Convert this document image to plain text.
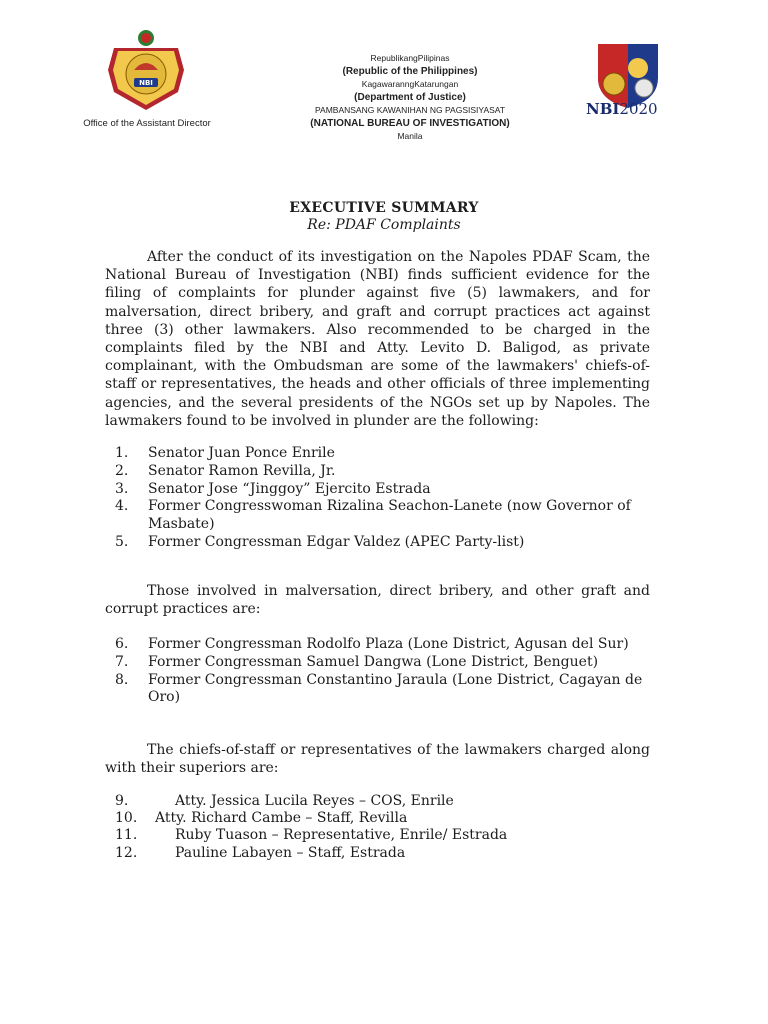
NBI
Office of the Assistant Director
RepublikangPilipinas
(Republic of the Philippines)
KagawaranngKatarungan
(Department of Justice)
PAMBANSANG KAWANIHAN NG PAGSISIYASAT
(NATIONAL BUREAU OF INVESTIGATION)
Manila
NBI2020
EXECUTIVE SUMMARY
Re: PDAF Complaints

After the conduct of its investigation on the Napoles PDAF Scam, the National Bureau of Investigation (NBI) finds sufficient evidence for the filing of complaints for plunder against five (5) lawmakers, and for malversation, direct bribery, and graft and corrupt practices act against three (3) other lawmakers. Also recommended to be charged in the complaints filed by the NBI and Atty. Levito D. Baligod, as private complainant, with the Ombudsman are some of the lawmakers' chiefs-of-staff or representatives, the heads and other officials of three implementing agencies, and the several presidents of the NGOs set up by Napoles. The lawmakers found to be involved in plunder are the following:

1.	Senator Juan Ponce Enrile
2.	Senator Ramon Revilla, Jr.
3.	Senator Jose “Jinggoy” Ejercito Estrada
4.	Former Congresswoman Rizalina Seachon-Lanete (now Governor of Masbate)
5.	Former Congressman Edgar Valdez (APEC Party-list)

Those involved in malversation, direct bribery, and other graft and corrupt practices are:

6.	Former Congressman Rodolfo Plaza (Lone District, Agusan del Sur)
7.	Former Congressman Samuel Dangwa (Lone District, Benguet)
8.	Former Congressman Constantino Jaraula (Lone District, Cagayan de Oro)

The chiefs-of-staff or representatives of the lawmakers charged along with their superiors are:

9.	Atty. Jessica Lucila Reyes – COS, Enrile
10. Atty. Richard Cambe – Staff, Revilla
11.	Ruby Tuason – Representative, Enrile/ Estrada
12.	Pauline Labayen – Staff, Estrada
